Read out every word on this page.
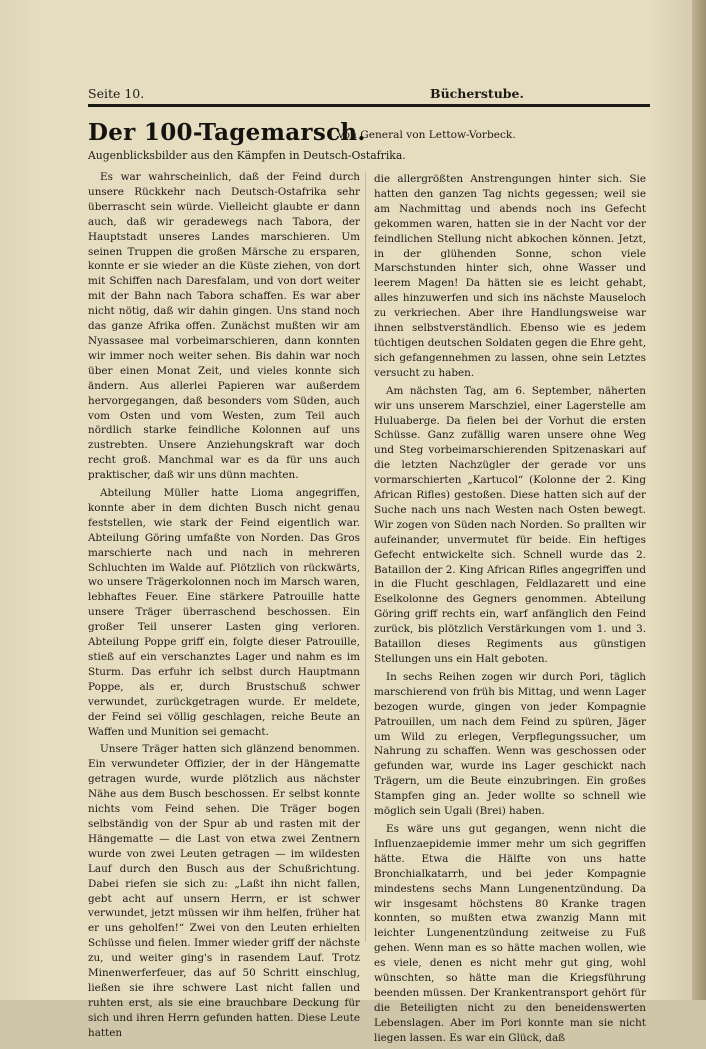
Seite 10.	Bücherstube.
Der 100-Tagemarsch.
Von General von Lettow-Vorbeck.
Augenblicksbilder aus den Kämpfen in Deutsch-Ostafrika.

Es war wahrscheinlich, daß der Feind durch unsere Rückkehr nach Deutsch-Ostafrika sehr überrascht sein würde. Vielleicht glaubte er dann auch, daß wir geradewegs nach Tabora, der Hauptstadt unseres Landes marschieren. Um seinen Truppen die großen Märsche zu ersparen, konnte er sie wieder an die Küste ziehen, von dort mit Schiffen nach Daresfalam, und von dort weiter mit der Bahn nach Tabora schaffen. Es war aber nicht nötig, daß wir dahin gingen. Uns stand noch das ganze Afrika offen. Zunächst mußten wir am Nyassasee mal vorbeimarschieren, dann konnten wir immer noch weiter sehen. Bis dahin war noch über einen Monat Zeit, und vieles konnte sich ändern. Aus allerlei Papieren war außerdem hervorgegangen, daß besonders vom Süden, auch vom Osten und vom Westen, zum Teil auch nördlich starke feindliche Kolonnen auf uns zustrebten. Unsere Anziehungskraft war doch recht groß. Manchmal war es da für uns auch praktischer, daß wir uns dünn machten.

Abteilung Müller hatte Lioma angegriffen, konnte aber in dem dichten Busch nicht genau feststellen, wie stark der Feind eigentlich war. Abteilung Göring umfaßte von Norden. Das Gros marschierte nach und nach in mehreren Schluchten im Walde auf. Plötzlich von rückwärts, wo unsere Trägerkolonnen noch im Marsch waren, lebhaftes Feuer. Eine stärkere Patrouille hatte unsere Träger überraschend beschossen. Ein großer Teil unserer Lasten ging verloren. Abteilung Poppe griff ein, folgte dieser Patrouille, stieß auf ein verschanztes Lager und nahm es im Sturm. Das erfuhr ich selbst durch Hauptmann Poppe, als er, durch Brustschuß schwer verwundet, zurückgetragen wurde. Er meldete, der Feind sei völlig geschlagen, reiche Beute an Waffen und Munition sei gemacht.

Unsere Träger hatten sich glänzend benommen. Ein verwundeter Offizier, der in der Hängematte getragen wurde, wurde plötzlich aus nächster Nähe aus dem Busch beschossen. Er selbst konnte nichts vom Feind sehen. Die Träger bogen selbständig von der Spur ab und rasten mit der Hängematte — die Last von etwa zwei Zentnern wurde von zwei Leuten getragen — im wildesten Lauf durch den Busch aus der Schußrichtung. Dabei riefen sie sich zu: „Laßt ihn nicht fallen, gebt acht auf unsern Herrn, er ist schwer verwundet, jetzt müssen wir ihm helfen, früher hat er uns geholfen!“ Zwei von den Leuten erhielten Schüsse und fielen. Immer wieder griff der nächste zu, und weiter ging's in rasendem Lauf. Trotz Minenwerferfeuer, das auf 50 Schritt einschlug, ließen sie ihre schwere Last nicht fallen und ruhten erst, als sie eine brauchbare Deckung für sich und ihren Herrn gefunden hatten. Diese Leute hatten

die allergrößten Anstrengungen hinter sich. Sie hatten den ganzen Tag nichts gegessen; weil sie am Nachmittag und abends noch ins Gefecht gekommen waren, hatten sie in der Nacht vor der feindlichen Stellung nicht abkochen können. Jetzt, in der glühenden Sonne, schon viele Marschstunden hinter sich, ohne Wasser und leerem Magen! Da hätten sie es leicht gehabt, alles hinzuwerfen und sich ins nächste Mauseloch zu verkriechen. Aber ihre Handlungsweise war ihnen selbstverständlich. Ebenso wie es jedem tüchtigen deutschen Soldaten gegen die Ehre geht, sich gefangennehmen zu lassen, ohne sein Letztes versucht zu haben.

Am nächsten Tag, am 6. September, näherten wir uns unserem Marschziel, einer Lagerstelle am Huluaberge. Da fielen bei der Vorhut die ersten Schüsse. Ganz zufällig waren unsere ohne Weg und Steg vorbeimarschierenden Spitzenaskari auf die letzten Nachzügler der gerade vor uns vormarschierten „Kartucol“ (Kolonne der 2. King African Rifles) gestoßen. Diese hatten sich auf der Suche nach uns nach Westen nach Osten bewegt. Wir zogen von Süden nach Norden. So prallten wir aufeinander, unvermutet für beide. Ein heftiges Gefecht entwickelte sich. Schnell wurde das 2. Bataillon der 2. King African Rifles angegriffen und in die Flucht geschlagen, Feldlazarett und eine Eselkolonne des Gegners genommen. Abteilung Göring griff rechts ein, warf anfänglich den Feind zurück, bis plötzlich Verstärkungen vom 1. und 3. Bataillon dieses Regiments aus günstigen Stellungen uns ein Halt geboten.

In sechs Reihen zogen wir durch Pori, täglich marschierend von früh bis Mittag, und wenn Lager bezogen wurde, gingen von jeder Kompagnie Patrouillen, um nach dem Feind zu spüren, Jäger um Wild zu erlegen, Verpflegungssucher, um Nahrung zu schaffen. Wenn was geschossen oder gefunden war, wurde ins Lager geschickt nach Trägern, um die Beute einzubringen. Ein großes Stampfen ging an. Jeder wollte so schnell wie möglich sein Ugali (Brei) haben.

Es wäre uns gut gegangen, wenn nicht die Influenzaepidemie immer mehr um sich gegriffen hätte. Etwa die Hälfte von uns hatte Bronchialkatarrh, und bei jeder Kompagnie mindestens sechs Mann Lungenentzündung. Da wir insgesamt höchstens 80 Kranke tragen konnten, so mußten etwa zwanzig Mann mit leichter Lungenentzündung zeitweise zu Fuß gehen. Wenn man es so hätte machen wollen, wie es viele, denen es nicht mehr gut ging, wohl wünschten, so hätte man die Kriegsführung beenden müssen. Der Krankentransport gehört für die Beteiligten nicht zu den beneidenswerten Lebenslagen. Aber im Pori konnte man sie nicht liegen lassen. Es war ein Glück, daß
